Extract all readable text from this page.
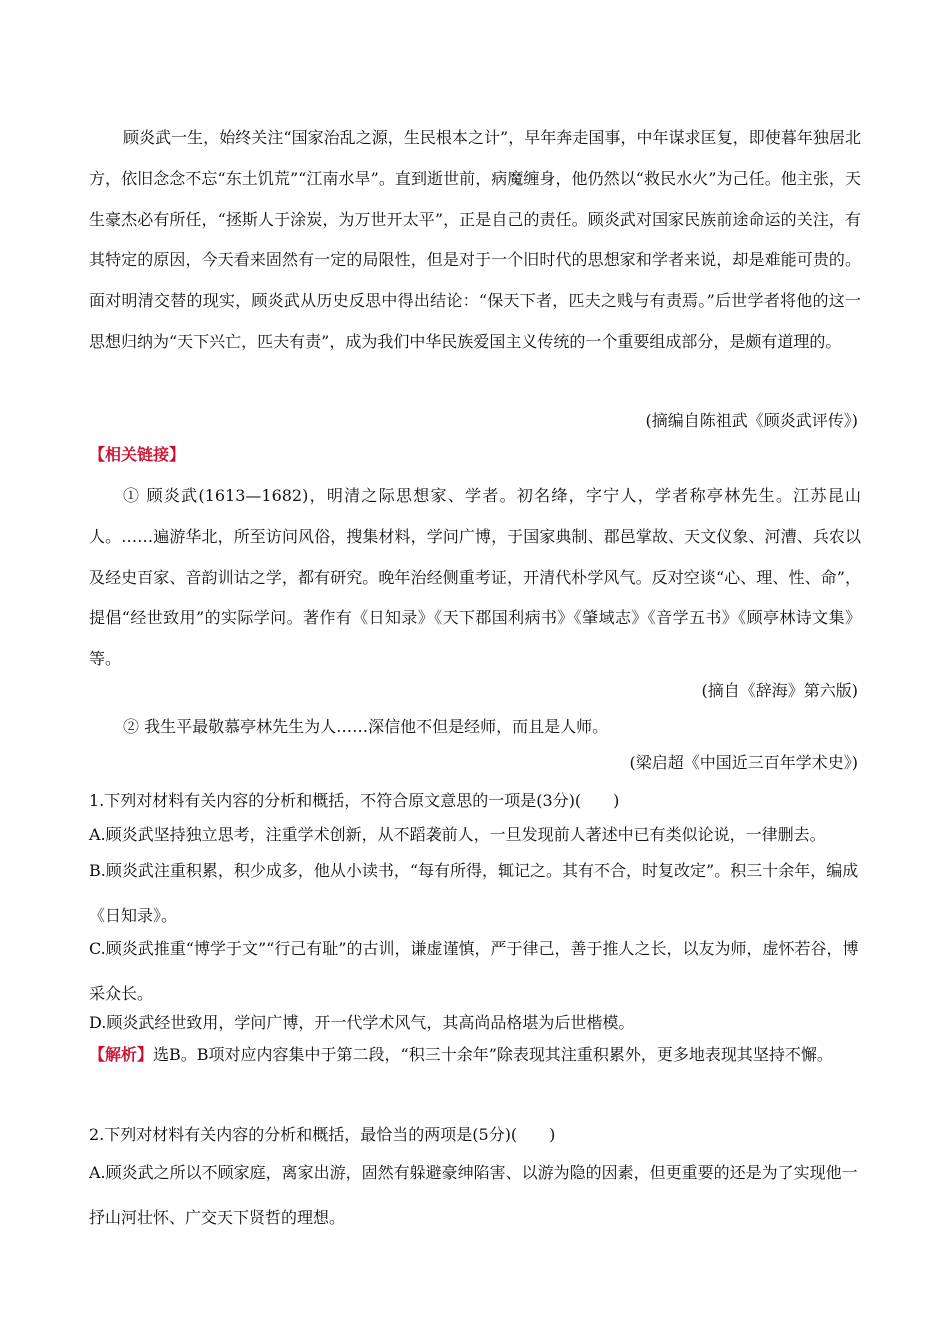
顾炎武一生，始终关注“国家治乱之源，生民根本之计”，早年奔走国事，中年谋求匡复，即使暮年独居北方，依旧念念不忘“东土饥荒”“江南水旱”。直到逝世前，病魔缠身，他仍然以“救民水火”为己任。他主张，天生豪杰必有所任，“拯斯人于涂炭，为万世开太平”，正是自己的责任。顾炎武对国家民族前途命运的关注，有其特定的原因，今天看来固然有一定的局限性，但是对于一个旧时代的思想家和学者来说，却是难能可贵的。面对明清交替的现实，顾炎武从历史反思中得出结论：“保天下者，匹夫之贱与有责焉。”后世学者将他的这一思想归纳为“天下兴亡，匹夫有责”，成为我们中华民族爱国主义传统的一个重要组成部分，是颇有道理的。
(摘编自陈祖武《顾炎武评传》)
【相关链接】
① 顾炎武(1613—1682)，明清之际思想家、学者。初名绛，字宁人，学者称亭林先生。江苏昆山人。……遍游华北，所至访问风俗，搜集材料，学问广博，于国家典制、郡邑掌故、天文仪象、河漕、兵农以及经史百家、音韵训诂之学，都有研究。晚年治经侧重考证，开清代朴学风气。反对空谈“心、理、性、命”，提倡“经世致用”的实际学问。著作有《日知录》《天下郡国利病书》《肇域志》《音学五书》《顾亭林诗文集》等。
(摘自《辞海》第六版)
② 我生平最敬慕亭林先生为人……深信他不但是经师，而且是人师。
(梁启超《中国近三百年学术史》)
1.下列对材料有关内容的分析和概括，不符合原文意思的一项是(3分)(　　)
A.顾炎武坚持独立思考，注重学术创新，从不蹈袭前人，一旦发现前人著述中已有类似论说，一律删去。
B.顾炎武注重积累，积少成多，他从小读书，“每有所得，辄记之。其有不合，时复改定”。积三十余年，编成《日知录》。
C.顾炎武推重“博学于文”“行己有耻”的古训，谦虚谨慎，严于律己，善于推人之长，以友为师，虚怀若谷，博采众长。
D.顾炎武经世致用，学问广博，开一代学术风气，其高尚品格堪为后世楷模。
【解析】选B。B项对应内容集中于第二段，“积三十余年”除表现其注重积累外，更多地表现其坚持不懈。
2.下列对材料有关内容的分析和概括，最恰当的两项是(5分)(　　)
A.顾炎武之所以不顾家庭，离家出游，固然有躲避豪绅陷害、以游为隐的因素，但更重要的还是为了实现他一抒山河壮怀、广交天下贤哲的理想。
